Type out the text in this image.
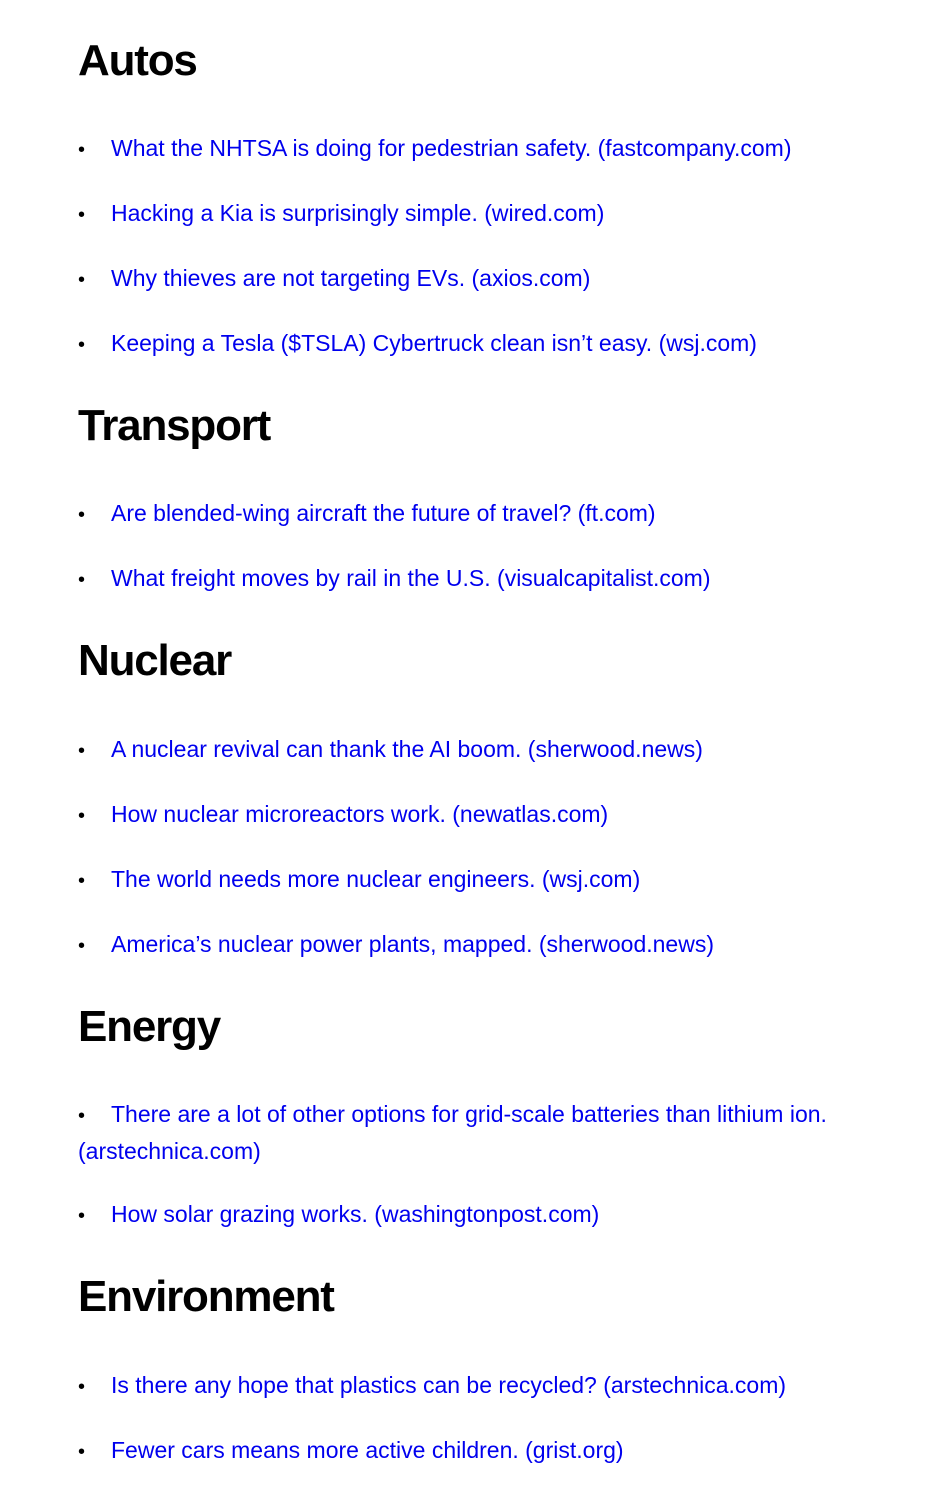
Autos
• What the NHTSA is doing for pedestrian safety. (fastcompany.com)
• Hacking a Kia is surprisingly simple. (wired.com)
• Why thieves are not targeting EVs. (axios.com)
• Keeping a Tesla ($TSLA) Cybertruck clean isn’t easy. (wsj.com)
Transport
• Are blended-wing aircraft the future of travel? (ft.com)
• What freight moves by rail in the U.S. (visualcapitalist.com)
Nuclear
• A nuclear revival can thank the AI boom. (sherwood.news)
• How nuclear microreactors work. (newatlas.com)
• The world needs more nuclear engineers. (wsj.com)
• America’s nuclear power plants, mapped. (sherwood.news)
Energy
• There are a lot of other options for grid-scale batteries than lithium ion. (arstechnica.com)
• How solar grazing works. (washingtonpost.com)
Environment
• Is there any hope that plastics can be recycled? (arstechnica.com)
• Fewer cars means more active children. (grist.org)
